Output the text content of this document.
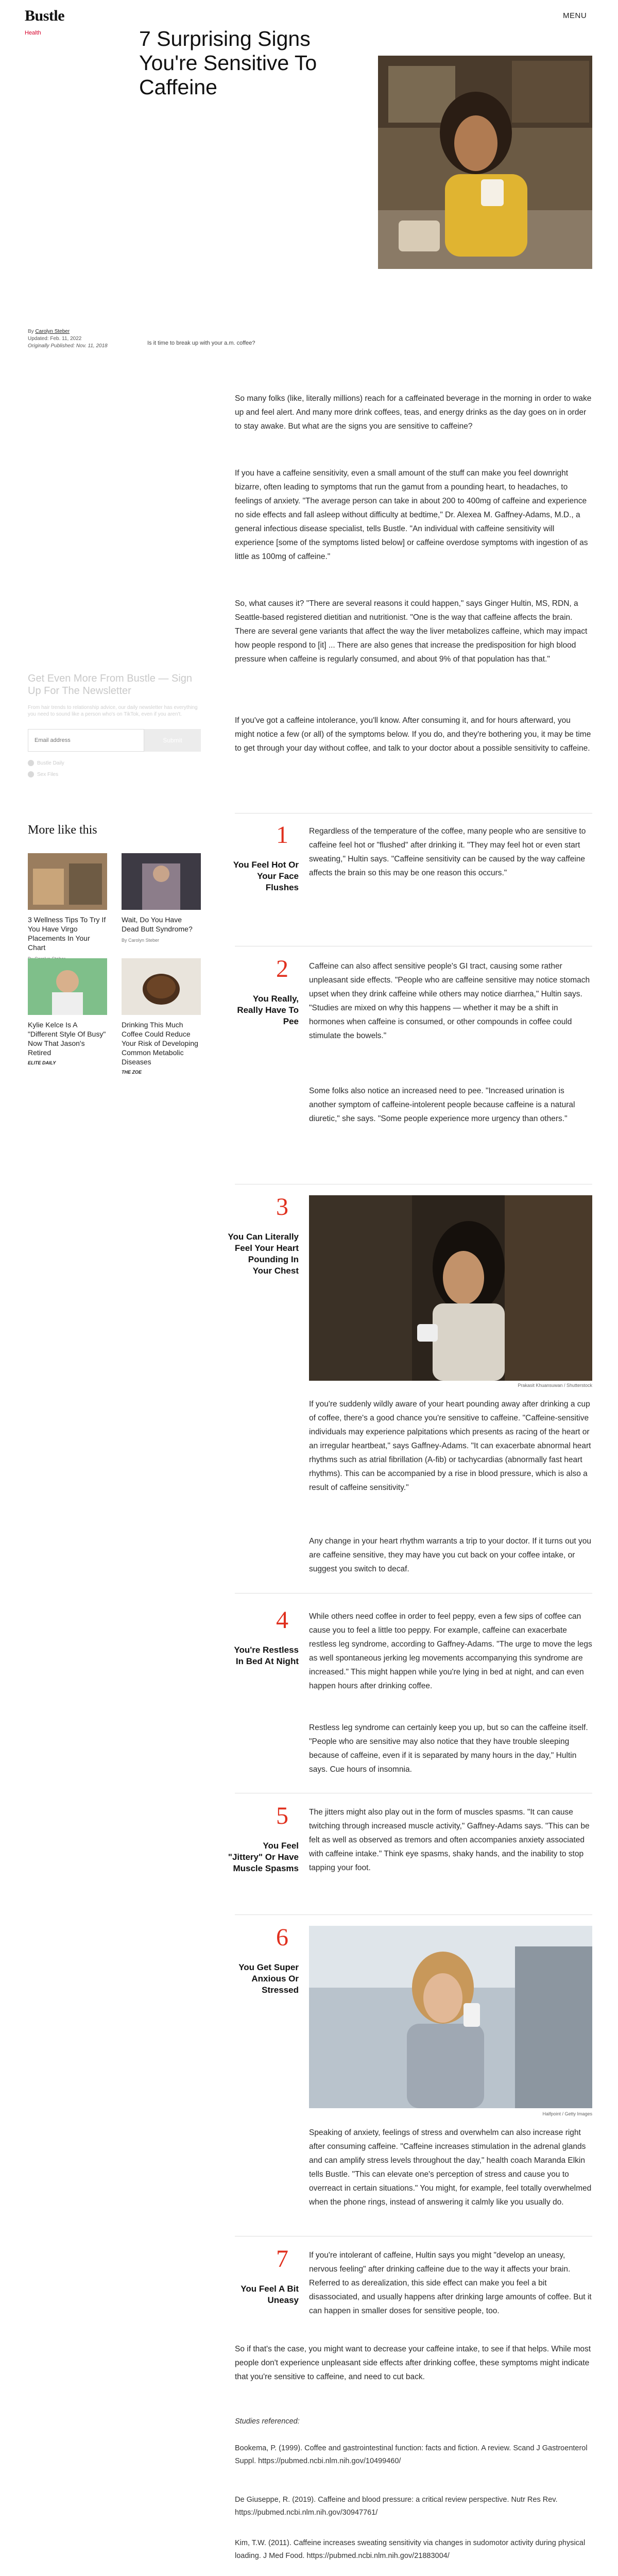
Bustle
Health	7 Surprising Signs You're Sensitive To Caffeine
MENU
By Carolyn Steber
Updated: Feb. 11, 2022
Originally Published: Nov. 11, 2018	Is it time to break up with your a.m. coffee?

So many folks (like, literally millions) reach for a caffeinated beverage in the morning in order to wake up and feel alert. And many more drink coffees, teas, and energy drinks as the day goes on in order to stay awake. But what are the signs you are sensitive to caffeine?

If you have a caffeine sensitivity, even a small amount of the stuff can make you feel downright bizarre, often leading to symptoms that run the gamut from a pounding heart, to headaches, to feelings of anxiety. "The average person can take in about 200 to 400mg of caffeine and experience no side effects and fall asleep without difficulty at bedtime," Dr. Alexea M. Gaffney-Adams, M.D., a general infectious disease specialist, tells Bustle. "An individual with caffeine sensitivity will experience [some of the symptoms listed below] or caffeine overdose symptoms with ingestion of as little as 100mg of caffeine."

So, what causes it? "There are several reasons it could happen," says Ginger Hultin, MS, RDN, a Seattle-based registered dietitian and nutritionist. "One is the way that caffeine affects the brain. There are several gene variants that affect the way the liver metabolizes caffeine, which may impact how people respond to [it] ... There are also genes that increase the predisposition for high blood pressure when caffeine is regularly consumed, and about 9% of that population has that."

If you've got a caffeine intolerance, you'll know. After consuming it, and for hours afterward, you might notice a few (or all) of the symptoms below. If you do, and they're bothering you, it may be time to get through your day without coffee, and talk to your doctor about a possible sensitivity to caffeine.

Get Even More From Bustle — Sign Up For The Newsletter
From hair trends to relationship advice, our daily newsletter has everything you need to sound like a person who's on TikTok, even if you aren't.
Email address
Submit
Bustle Daily
Sex Files
More like this
3 Wellness Tips To Try If You Have Virgo Placements In Your Chart
Wait, Do You Have Dead Butt Syndrome?
By Carolyn Steber
Kylie Kelce Is A "Different Style Of Busy" Now That Jason's Retired
ELITE DAILY
Drinking This Much Coffee Could Reduce Your Risk of Developing Common Metabolic Diseases
THE ZOE
1
You Feel Hot Or Your Face Flushes

Regardless of the temperature of the coffee, many people who are sensitive to caffeine feel hot or "flushed" after drinking it. "They may feel hot or even start sweating," Hultin says. "Caffeine sensitivity can be caused by the way caffeine affects the brain so this may be one reason this occurs."

2
You Really, Really Have To Pee

Caffeine can also affect sensitive people's GI tract, causing some rather unpleasant side effects. "People who are caffeine sensitive may notice stomach upset when they drink caffeine while others may notice diarrhea," Hultin says. "Studies are mixed on why this happens — whether it may be a shift in hormones when caffeine is consumed, or other compounds in coffee could stimulate the bowels."

Some folks also notice an increased need to pee. "Increased urination is another symptom of caffeine-intolerent people because caffeine is a natural diuretic," she says. "Some people experience more urgency than others."

3
You Can Literally Feel Your Heart Pounding In Your Chest
Prakasit Khuansuwan / Shutterstock

If you're suddenly wildly aware of your heart pounding away after drinking a cup of coffee, there's a good chance you're sensitive to caffeine. "Caffeine-sensitive individuals may experience palpitations which presents as racing of the heart or an irregular heartbeat," says Gaffney-Adams. "It can exacerbate abnormal heart rhythms such as atrial fibrillation (A-fib) or tachycardias (abnormally fast heart rhythms). This can be accompanied by a rise in blood pressure, which is also a result of caffeine sensitivity."

Any change in your heart rhythm warrants a trip to your doctor. If it turns out you are caffeine sensitive, they may have you cut back on your coffee intake, or suggest you switch to decaf.

4
You're Restless In Bed At Night

While others need coffee in order to feel peppy, even a few sips of coffee can cause you to feel a little too peppy. For example, caffeine can exacerbate restless leg syndrome, according to Gaffney-Adams. "The urge to move the legs as well spontaneous jerking leg movements accompanying this syndrome are increased." This might happen while you're lying in bed at night, and can even happen hours after drinking coffee.

Restless leg syndrome can certainly keep you up, but so can the caffeine itself. "People who are sensitive may also notice that they have trouble sleeping because of caffeine, even if it is separated by many hours in the day," Hultin says. Cue hours of insomnia.

5
You Feel "Jittery" Or Have Muscle Spasms

The jitters might also play out in the form of muscles spasms. "It can cause twitching through increased muscle activity," Gaffney-Adams says. "This can be felt as well as observed as tremors and often accompanies anxiety associated with caffeine intake." Think eye spasms, shaky hands, and the inability to stop tapping your foot.

6
You Get Super Anxious Or Stressed
Halfpoint / Getty Images

Speaking of anxiety, feelings of stress and overwhelm can also increase right after consuming caffeine. "Caffeine increases stimulation in the adrenal glands and can amplify stress levels throughout the day," health coach Maranda Elkin tells Bustle. "This can elevate one's perception of stress and cause you to overreact in certain situations." You might, for example, feel totally overwhelmed when the phone rings, instead of answering it calmly like you usually do.

7
You Feel A Bit Uneasy

If you're intolerant of caffeine, Hultin says you might "develop an uneasy, nervous feeling" after drinking caffeine due to the way it affects your brain. Referred to as derealization, this side effect can make you feel a bit disassociated, and usually happens after drinking large amounts of coffee. But it can happen in smaller doses for sensitive people, too.

So if that's the case, you might want to decrease your caffeine intake, to see if that helps. While most people don't experience unpleasant side effects after drinking coffee, these symptoms might indicate that you're sensitive to caffeine, and need to cut back.

Studies referenced:
Bookema, P. (1999). Coffee and gastrointestinal function: facts and fiction. A review. Scand J Gastroenterol Suppl. https://pubmed.ncbi.nlm.nih.gov/10499460/
De Giuseppe, R. (2019). Caffeine and blood pressure: a critical review perspective. Nutr Res Rev. https://pubmed.ncbi.nlm.nih.gov/30947761/
Kim, T.W. (2011). Caffeine increases sweating sensitivity via changes in sudomotor activity during physical loading. J Med Food. https://pubmed.ncbi.nlm.nih.gov/21883004/
